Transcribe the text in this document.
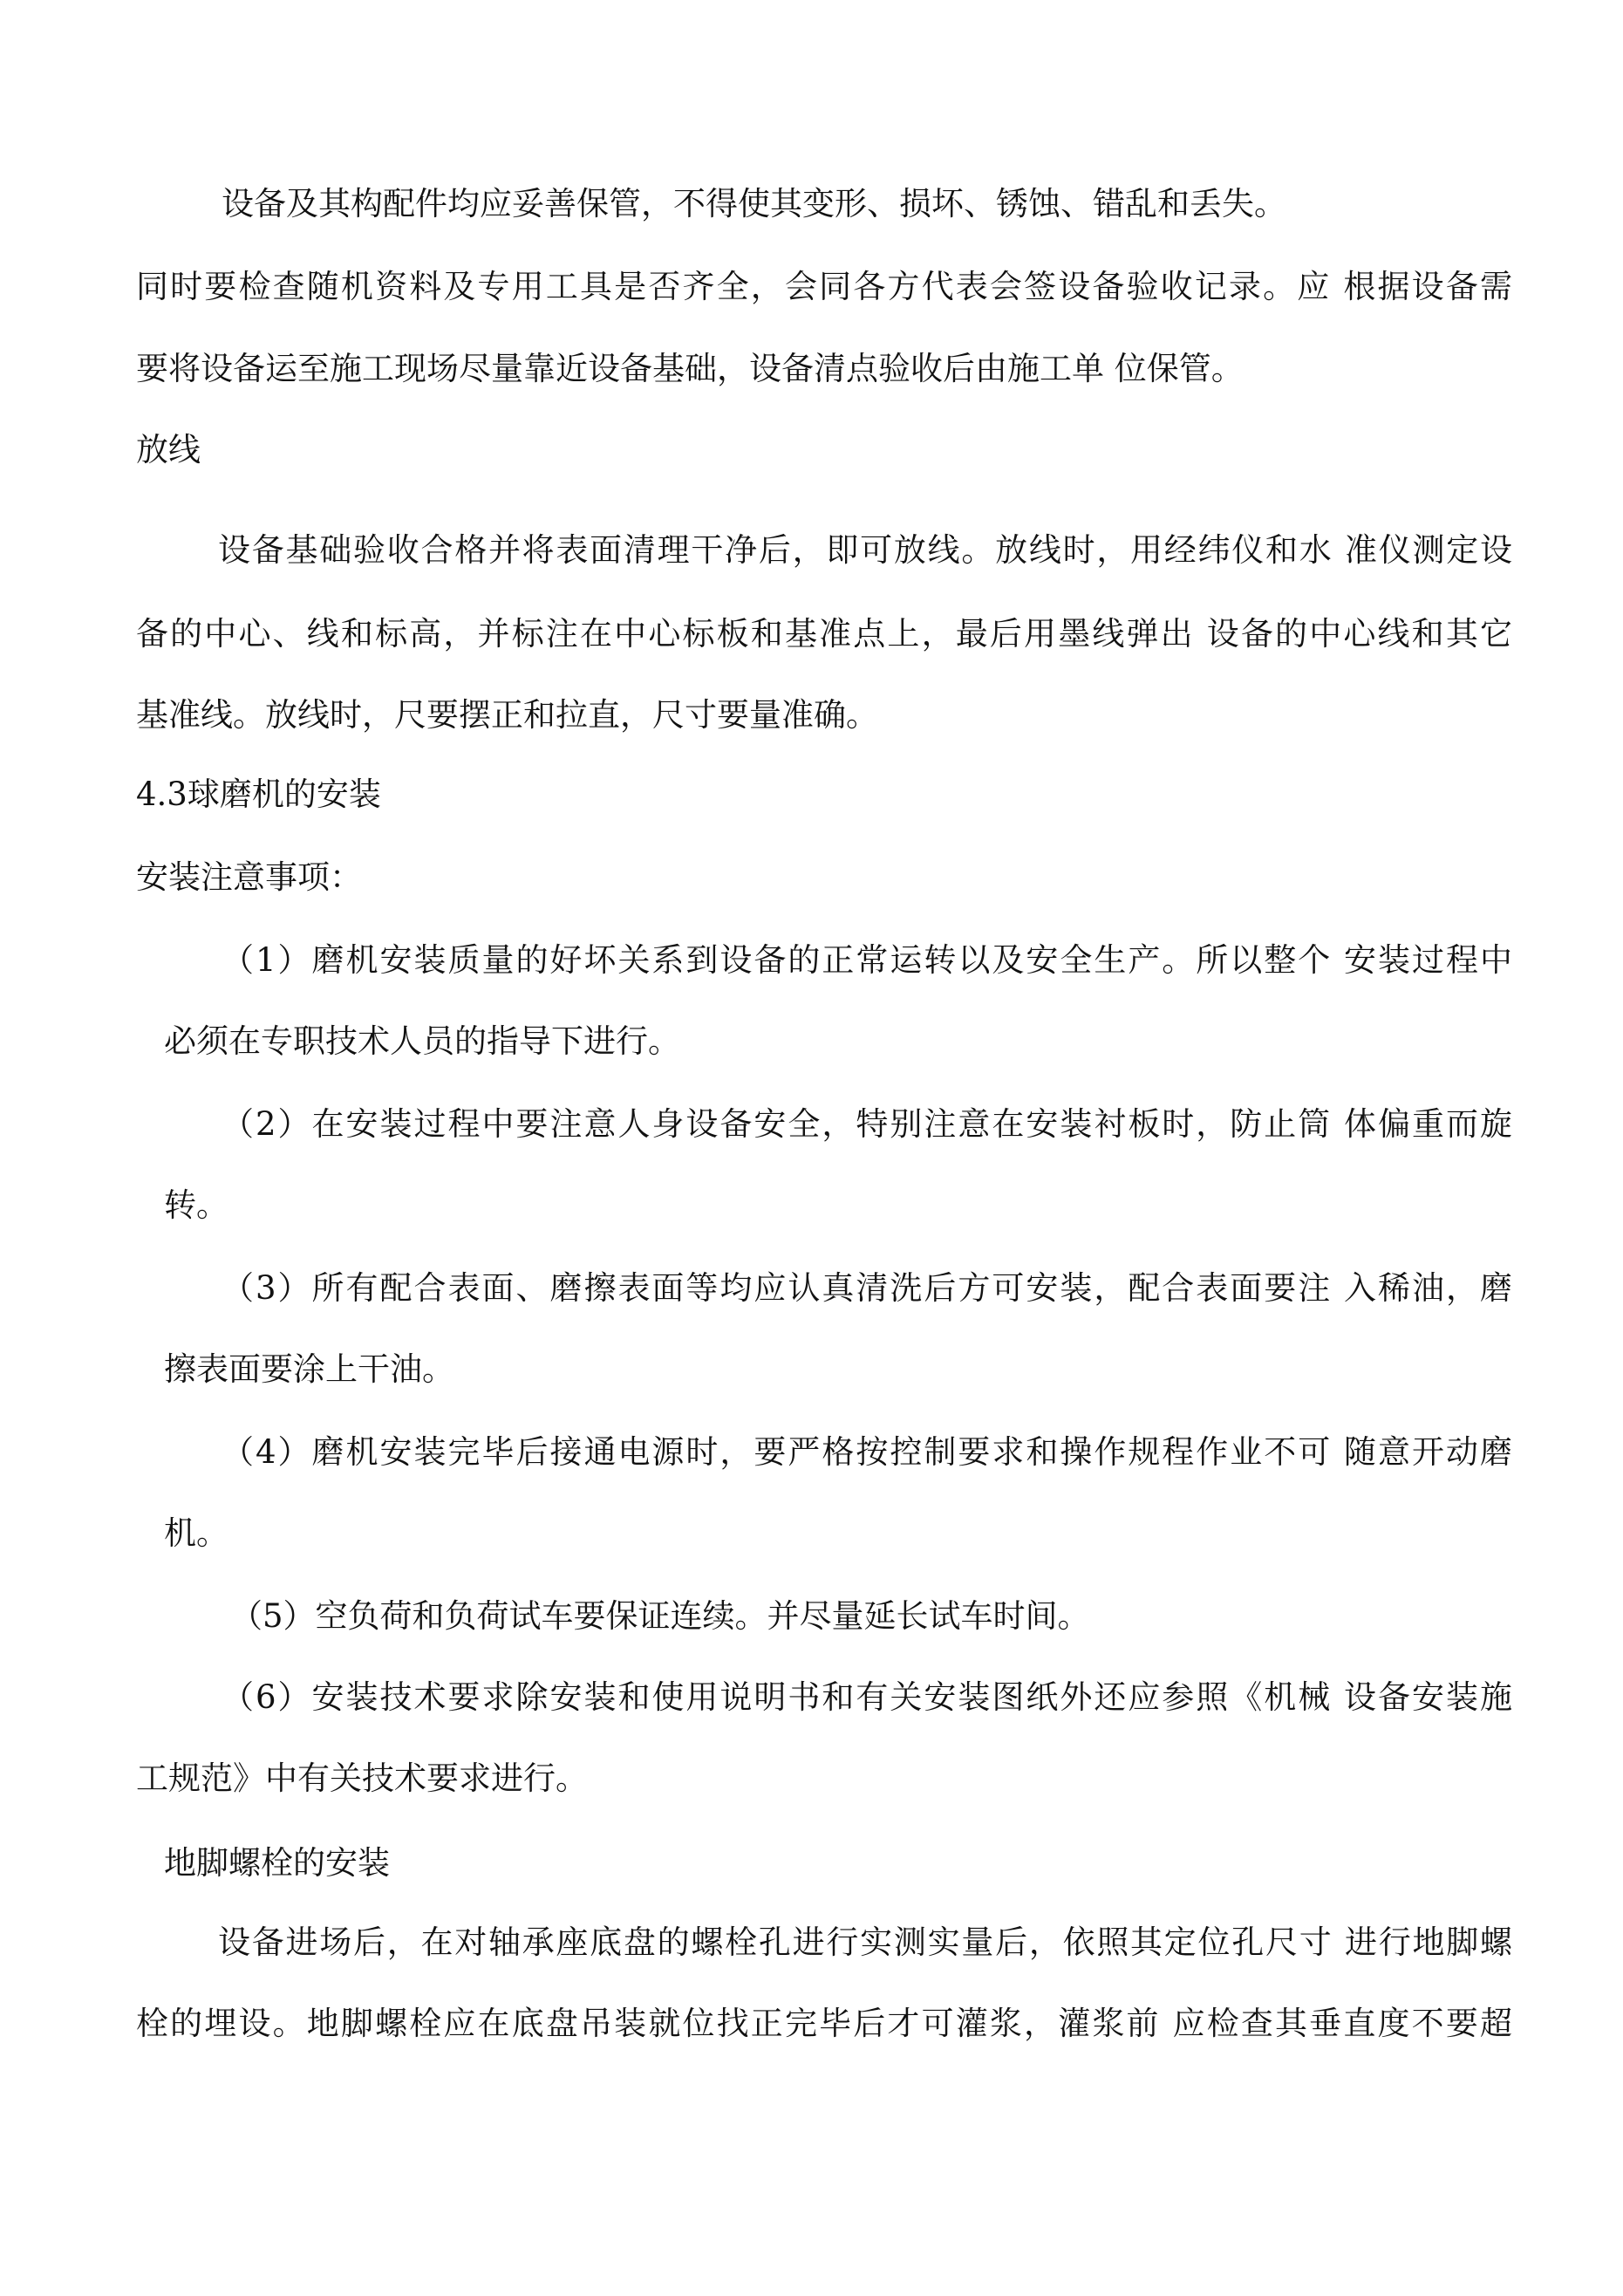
设备及其构配件均应妥善保管，不得使其变形、损坏、锈蚀、错乱和丢失。
同时要检查随机资料及专用工具是否齐全，会同各方代表会签设备验收记录。应 根据设备需
要将设备运至施工现场尽量靠近设备基础，设备清点验收后由施工单 位保管。
放线
设备基础验收合格并将表面清理干净后，即可放线。放线时，用经纬仪和水 准仪测定设
备的中心、线和标高，并标注在中心标板和基准点上，最后用墨线弹出 设备的中心线和其它
基准线。放线时，尺要摆正和拉直，尺寸要量准确。
4.3球磨机的安装
安装注意事项：
（1）磨机安装质量的好坏关系到设备的正常运转以及安全生产。所以整个 安装过程中
必须在专职技术人员的指导下进行。
（2）在安装过程中要注意人身设备安全，特别注意在安装衬板时，防止筒 体偏重而旋
转。
（3）所有配合表面、磨擦表面等均应认真清洗后方可安装，配合表面要注 入稀油，磨
擦表面要涂上干油。
（4）磨机安装完毕后接通电源时，要严格按控制要求和操作规程作业不可 随意开动磨
机。
（5）空负荷和负荷试车要保证连续。并尽量延长试车时间。
（6）安装技术要求除安装和使用说明书和有关安装图纸外还应参照《机械 设备安装施
工规范》中有关技术要求进行。
地脚螺栓的安装
设备进场后，在对轴承座底盘的螺栓孔进行实测实量后，依照其定位孔尺寸 进行地脚螺
栓的埋设。地脚螺栓应在底盘吊装就位找正完毕后才可灌浆，灌浆前 应检查其垂直度不要超
